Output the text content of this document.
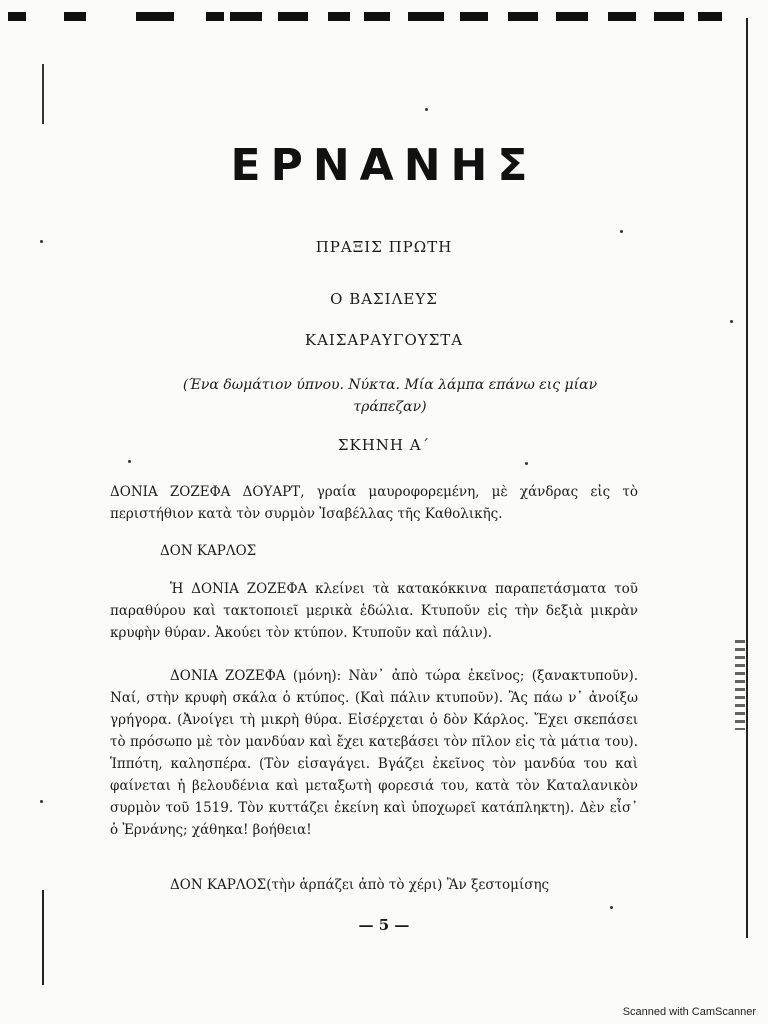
ΕΡΝΑΝΗΣ
ΠΡΑΞΙΣ ΠΡΩΤΗ
Ο ΒΑΣΙΛΕΥΣ
ΚΑΙΣΑΡΑΥΓΟΥΣΤΑ
(Ένα δωμάτιον ύπνου. Νύκτα. Μία λάμπα επάνω εις μίαν τράπεζαν)
ΣΚΗΝΗ Α΄
ΔΟΝΙΑ ΖΟΖΕΦΑ ΔΟΥΑΡΤ, γραία μαυροφορεμένη, μὲ χάνδρας εἰς τὸ περιστήθιον κατὰ τὸν συρμὸν Ἰσαβέλλας τῆς Καθολικῆς.
ΔΟΝ ΚΑΡΛΟΣ
Ἡ ΔΟΝΙΑ ΖΟΖΕΦΑ κλείνει τὰ κατακόκκινα παραπετάσματα τοῦ παραθύρου καὶ τακτοποιεῖ μερικὰ ἑδώλια. Κτυποῦν εἰς τὴν δεξιὰ μικρὰν κρυφὴν θύραν. Ἀκούει τὸν κτύπον. Κτυποῦν καὶ πάλιν).
ΔΟΝΙΑ ΖΟΖΕΦΑ (μόνη): Νὰν᾽ ἀπὸ τώρα ἐκεῖνος; (ξανακτυποῦν). Ναί, στὴν κρυφὴ σκάλα ὁ κτύπος. (Καὶ πάλιν κτυποῦν). Ἂς πάω ν᾽ ἀνοίξω γρήγορα. (Ἀνοίγει τὴ μικρὴ θύρα. Εἰσέρχεται ὁ δὸν Κάρλος. Ἔχει σκεπάσει τὸ πρόσωπο μὲ τὸν μανδύαν καὶ ἔχει κατεβάσει τὸν πῖλον εἰς τὰ μάτια του). Ἱππότη, καλησπέρα. (Τὸν εἰσαγάγει. Βγάζει ἐκεῖνος τὸν μανδύα του καὶ φαίνεται ἡ βελουδένια καὶ μεταξωτὴ φορεσιά του, κατὰ τὸν Καταλανικὸν συρμὸν τοῦ 1519. Τὸν κυττάζει ἐκείνη καὶ ὑποχωρεῖ κατάπληκτη). Δὲν εἶσ᾽ ὁ Ἐρνάνης; χάθηκα! βοήθεια!
ΔΟΝ ΚΑΡΛΟΣ(τὴν ἁρπάζει ἀπὸ τὸ χέρι) Ἂν ξεστομίσης
— 5 —
Scanned with CamScanner
